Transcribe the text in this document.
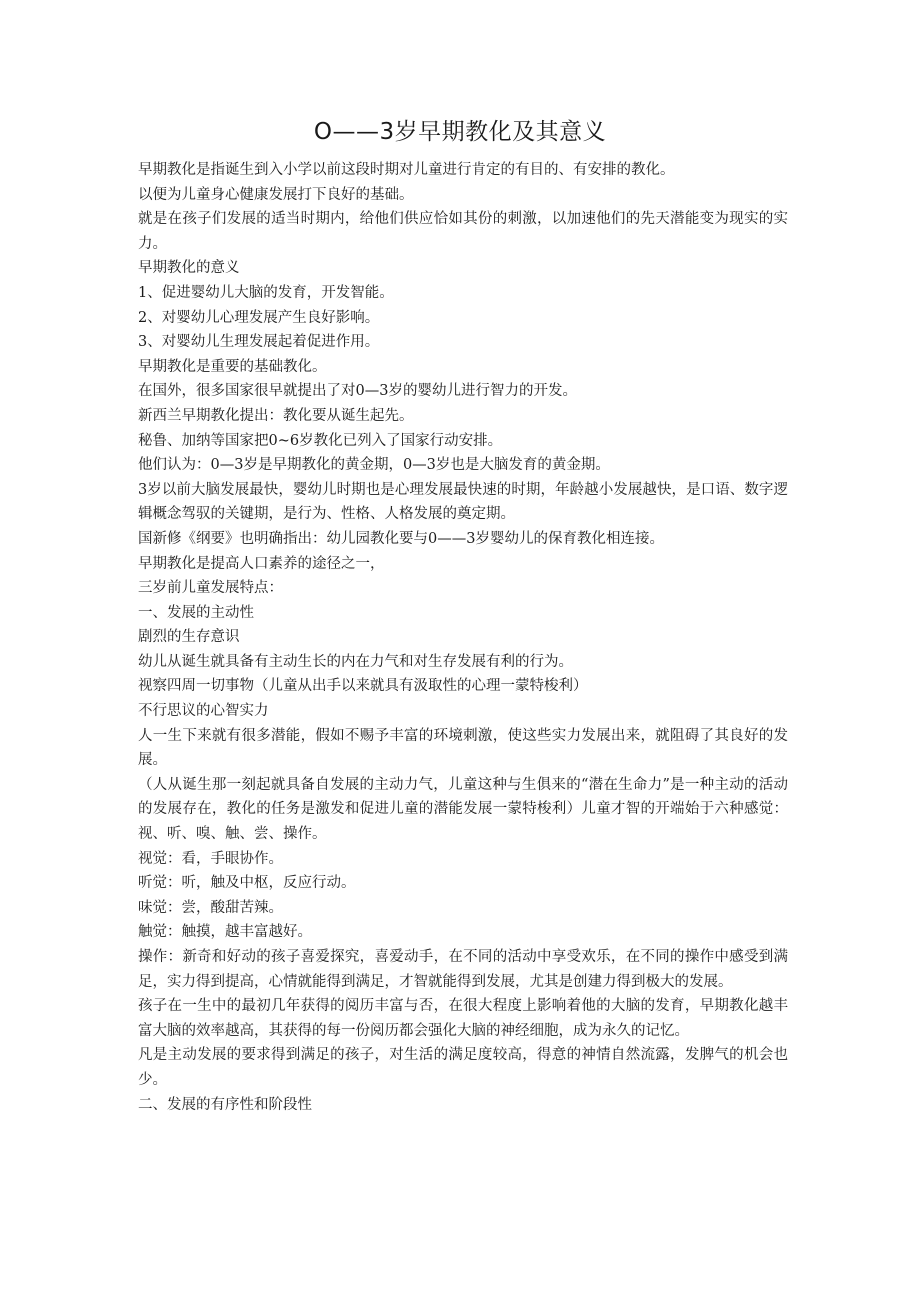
O——3岁早期教化及其意义

早期教化是指诞生到入小学以前这段时期对儿童进行肯定的有目的、有安排的教化。

以便为儿童身心健康发展打下良好的基础。

就是在孩子们发展的适当时期内，给他们供应恰如其份的刺激，以加速他们的先天潜能变为现实的实力。

早期教化的意义

1、促进婴幼儿大脑的发育，开发智能。

2、对婴幼儿心理发展产生良好影响。

3、对婴幼儿生理发展起着促进作用。

早期教化是重要的基础教化。

在国外，很多国家很早就提出了对0—3岁的婴幼儿进行智力的开发。

新西兰早期教化提出：教化要从诞生起先。

秘鲁、加纳等国家把0~6岁教化已列入了国家行动安排。

他们认为：0—3岁是早期教化的黄金期，0—3岁也是大脑发育的黄金期。

3岁以前大脑发展最快，婴幼儿时期也是心理发展最快速的时期，年龄越小发展越快，是口语、数字逻辑概念驾驭的关键期，是行为、性格、人格发展的奠定期。

国新修《纲要》也明确指出：幼儿园教化要与0——3岁婴幼儿的保育教化相连接。

早期教化是提高人口素养的途径之一，

三岁前儿童发展特点：

一、发展的主动性

剧烈的生存意识

幼儿从诞生就具备有主动生长的内在力气和对生存发展有利的行为。

视察四周一切事物（儿童从出手以来就具有汲取性的心理一蒙特梭利）

不行思议的心智实力

人一生下来就有很多潜能，假如不赐予丰富的环境刺激，使这些实力发展出来，就阻碍了其良好的发展。

（人从诞生那一刻起就具备自发展的主动力气，儿童这种与生俱来的“潜在生命力”是一种主动的活动的发展存在，教化的任务是激发和促进儿童的潜能发展一蒙特梭利）儿童才智的开端始于六种感觉：视、听、嗅、触、尝、操作。

视觉：看，手眼协作。

听觉：听，触及中枢，反应行动。

味觉：尝，酸甜苦辣。

触觉：触摸，越丰富越好。

操作：新奇和好动的孩子喜爱探究，喜爱动手，在不同的活动中享受欢乐，在不同的操作中感受到满足，实力得到提高，心情就能得到满足，才智就能得到发展，尤其是创建力得到极大的发展。

孩子在一生中的最初几年获得的阅历丰富与否，在很大程度上影响着他的大脑的发育，早期教化越丰富大脑的效率越高，其获得的每一份阅历都会强化大脑的神经细胞，成为永久的记忆。

凡是主动发展的要求得到满足的孩子，对生活的满足度较高，得意的神情自然流露，发脾气的机会也少。

二、发展的有序性和阶段性
